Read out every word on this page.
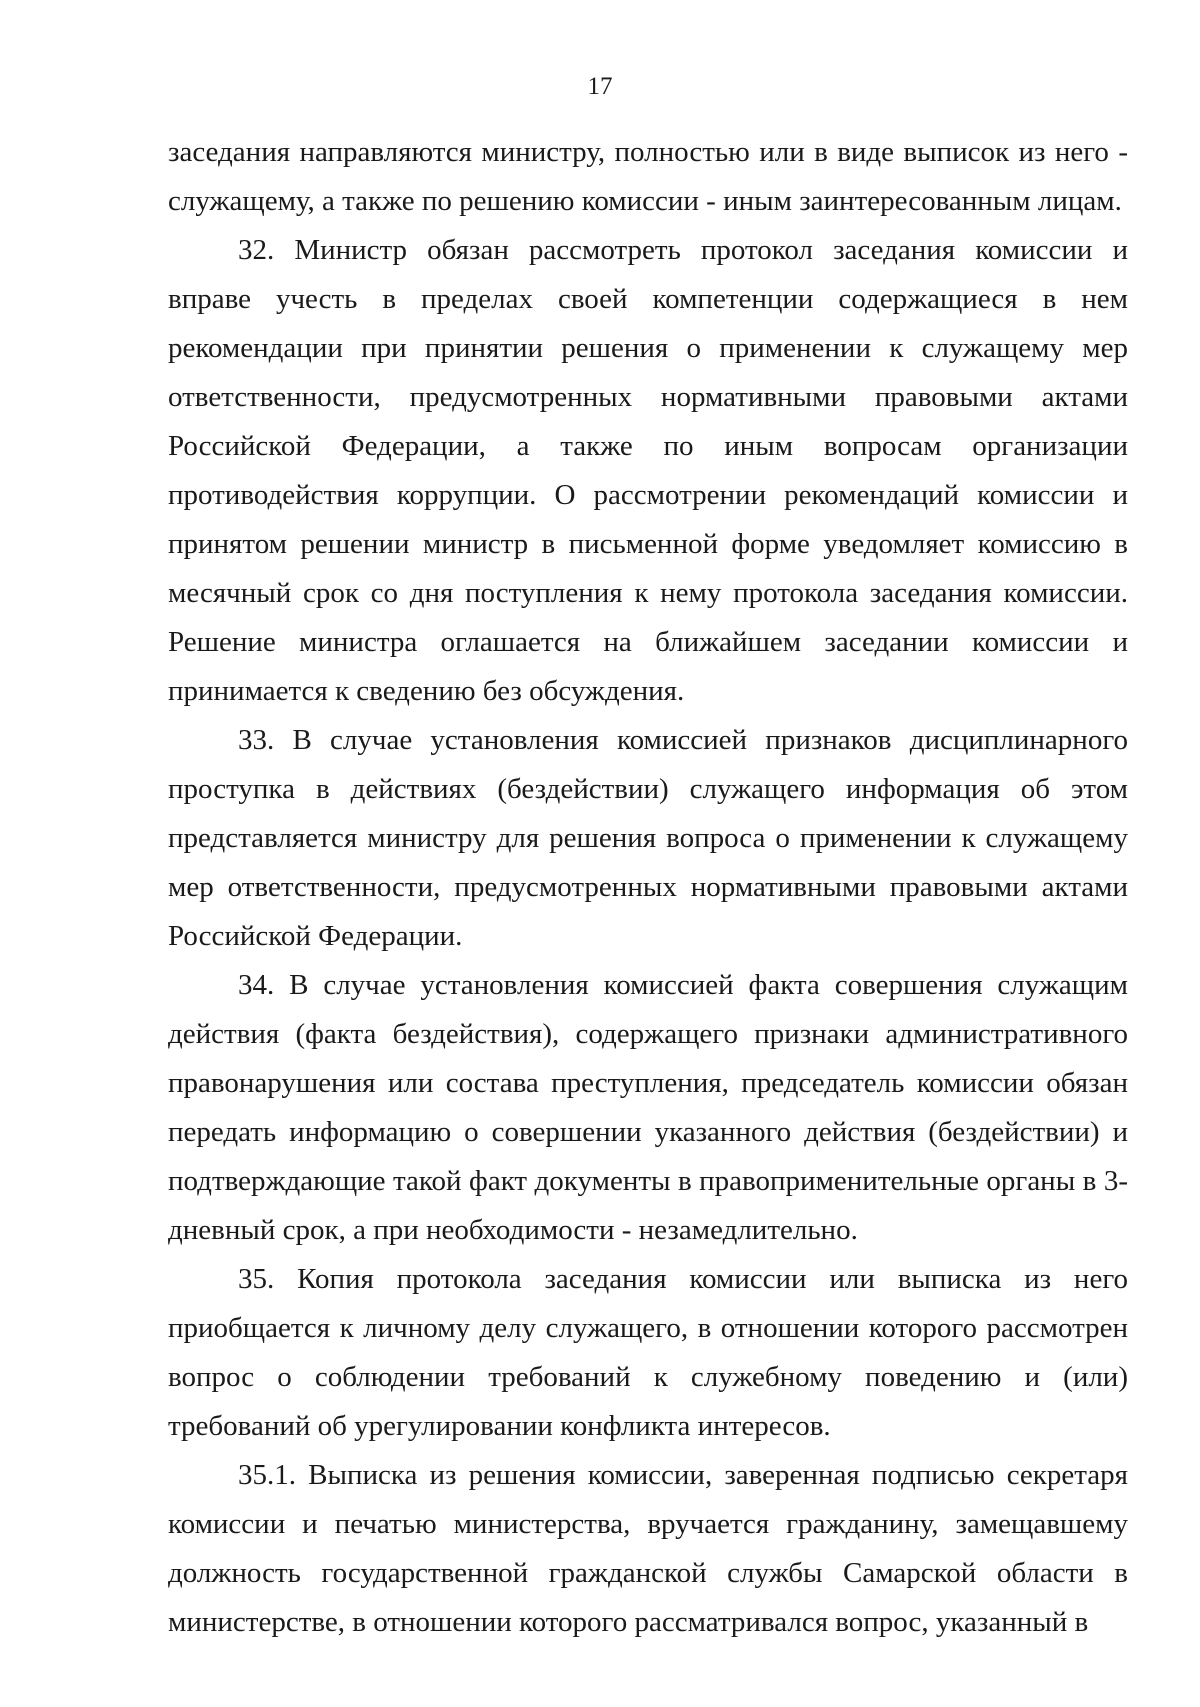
17

заседания направляются министру, полностью или в виде выписок из него - служащему, а также по решению комиссии - иным заинтересованным лицам.

32. Министр обязан рассмотреть протокол заседания комиссии и вправе учесть в пределах своей компетенции содержащиеся в нем рекомендации при принятии решения о применении к служащему мер ответственности, предусмотренных нормативными правовыми актами Российской Федерации, а также по иным вопросам организации противодействия коррупции. О рассмотрении рекомендаций комиссии и принятом решении министр в письменной форме уведомляет комиссию в месячный срок со дня поступления к нему протокола заседания комиссии. Решение министра оглашается на ближайшем заседании комиссии и принимается к сведению без обсуждения.

33. В случае установления комиссией признаков дисциплинарного проступка в действиях (бездействии) служащего информация об этом представляется министру для решения вопроса о применении к служащему мер ответственности, предусмотренных нормативными правовыми актами Российской Федерации.

34. В случае установления комиссией факта совершения служащим действия (факта бездействия), содержащего признаки административного правонарушения или состава преступления, председатель комиссии обязан передать информацию о совершении указанного действия (бездействии) и подтверждающие такой факт документы в правоприменительные органы в 3-дневный срок, а при необходимости - незамедлительно.

35. Копия протокола заседания комиссии или выписка из него приобщается к личному делу служащего, в отношении которого рассмотрен вопрос о соблюдении требований к служебному поведению и (или) требований об урегулировании конфликта интересов.

35.1. Выписка из решения комиссии, заверенная подписью секретаря комиссии и печатью министерства, вручается гражданину, замещавшему должность государственной гражданской службы Самарской области в министерстве, в отношении которого рассматривался вопрос, указанный в
